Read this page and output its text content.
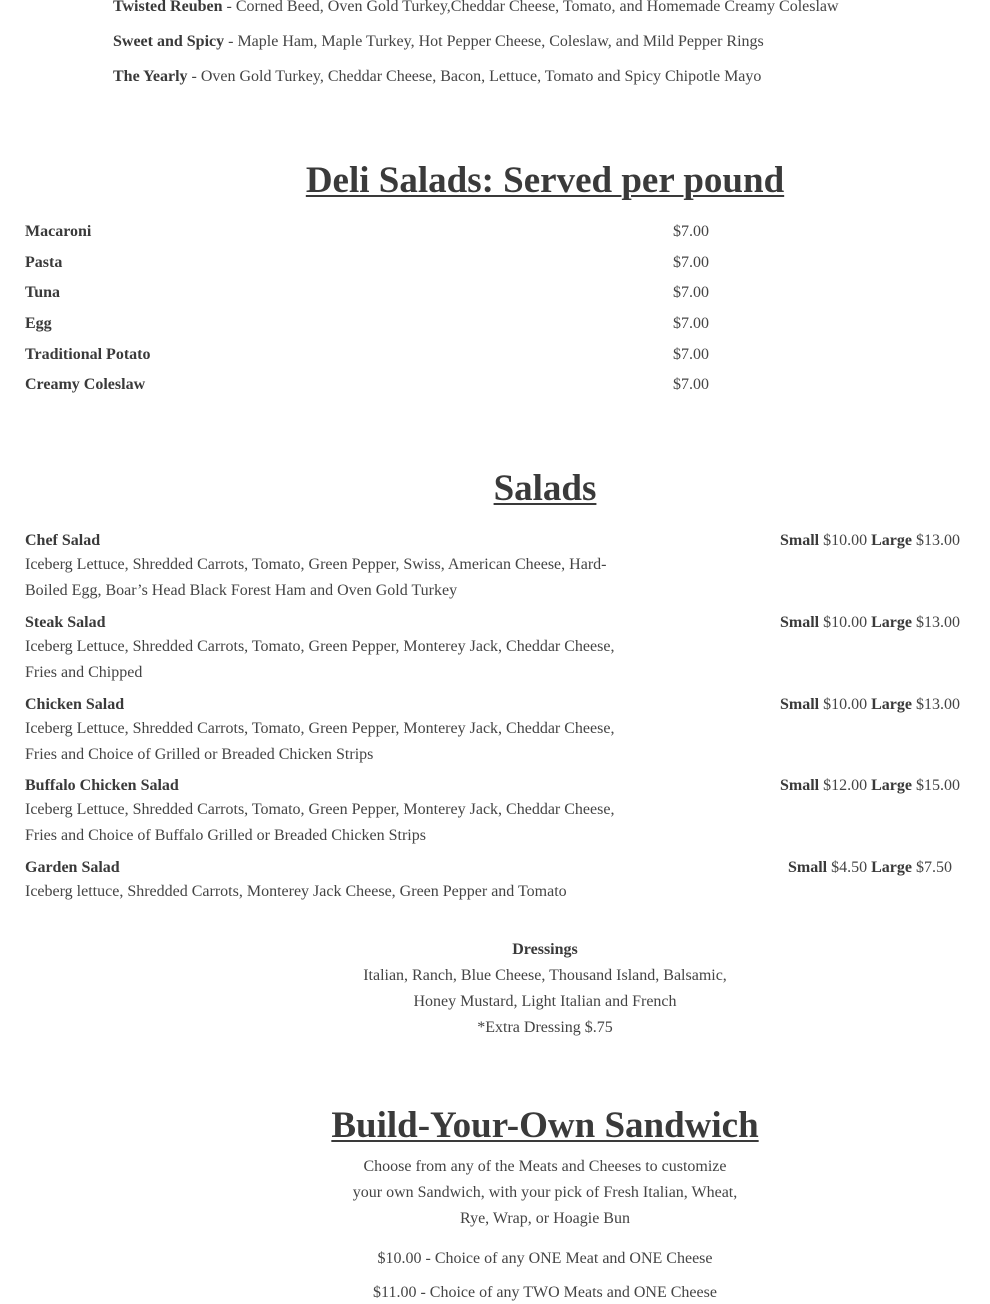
Twisted Reuben - Corned Beed, Oven Gold Turkey,Cheddar Cheese, Tomato, and Homemade Creamy Coleslaw
Sweet and Spicy - Maple Ham, Maple Turkey, Hot Pepper Cheese, Coleslaw, and Mild Pepper Rings
The Yearly - Oven Gold Turkey, Cheddar Cheese, Bacon, Lettuce, Tomato and Spicy Chipotle Mayo
Deli Salads: Served per pound
Macaroni	$7.00
Pasta	$7.00
Tuna	$7.00
Egg	$7.00
Traditional Potato	$7.00
Creamy Coleslaw	$7.00
Salads
Chef Salad
Iceberg Lettuce, Shredded Carrots, Tomato, Green Pepper, Swiss, American Cheese, Hard-Boiled Egg, Boar’s Head Black Forest Ham and Oven Gold Turkey
Small $10.00 Large $13.00
Steak Salad
Iceberg Lettuce, Shredded Carrots, Tomato, Green Pepper, Monterey Jack, Cheddar Cheese, Fries and Chipped
Small $10.00 Large $13.00
Chicken Salad
Iceberg Lettuce, Shredded Carrots, Tomato, Green Pepper, Monterey Jack, Cheddar Cheese, Fries and Choice of Grilled or Breaded Chicken Strips
Small $10.00 Large $13.00
Buffalo Chicken Salad
Iceberg Lettuce, Shredded Carrots, Tomato, Green Pepper, Monterey Jack, Cheddar Cheese, Fries and Choice of Buffalo Grilled or Breaded Chicken Strips
Small $12.00 Large $15.00
Garden Salad
Iceberg lettuce, Shredded Carrots, Monterey Jack Cheese, Green Pepper and Tomato
Small $4.50 Large $7.50
Dressings
Italian, Ranch, Blue Cheese, Thousand Island, Balsamic,
Honey Mustard, Light Italian and French
*Extra Dressing $.75
Build-Your-Own Sandwich
Choose from any of the Meats and Cheeses to customize
your own Sandwich, with your pick of Fresh Italian, Wheat,
Rye, Wrap, or Hoagie Bun
$10.00 - Choice of any ONE Meat and ONE Cheese
$11.00 - Choice of any TWO Meats and ONE Cheese
